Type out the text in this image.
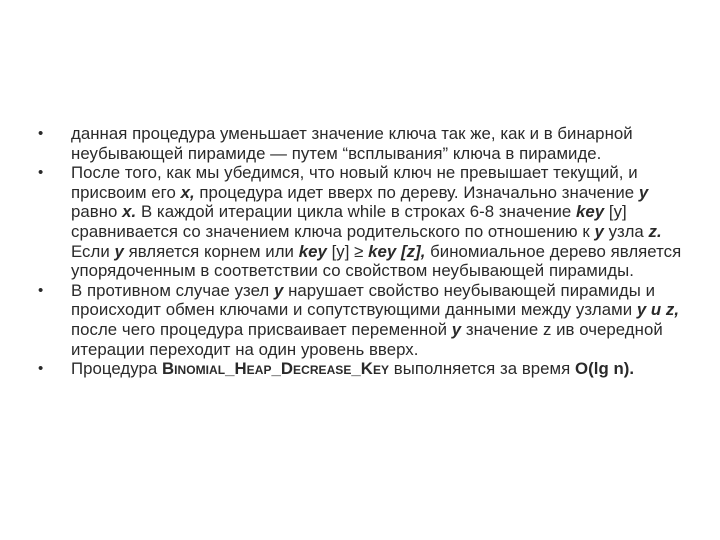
•	данная процедура уменьшает значение ключа так же, как и в бинарной неубывающей пирамиде — путем “всплывания” ключа в пирамиде.
•	После того, как мы убедимся, что новый ключ не превышает текущий, и присвоим его x, процедура идет вверх по дереву. Изначально значение y равно x. В каждой итерации цикла while в строках 6-8 значение key [у] сравнивается со значением ключа родительского по отношению к y узла z. Если y является корнем или key [y] ≥ key [z], биномиальное дерево является упорядоченным в соответствии со свойством неубывающей пирамиды.
•	В противном случае узел y нарушает свойство неубывающей пирамиды и происходит обмен ключами и сопутствующими данными между узлами y и z, после чего процедура присваивает переменной y значение z ив очередной итерации переходит на один уровень вверх.
•	Процедура Binomial_Heap_Decrease_Key выполняется за время O(lg n).
